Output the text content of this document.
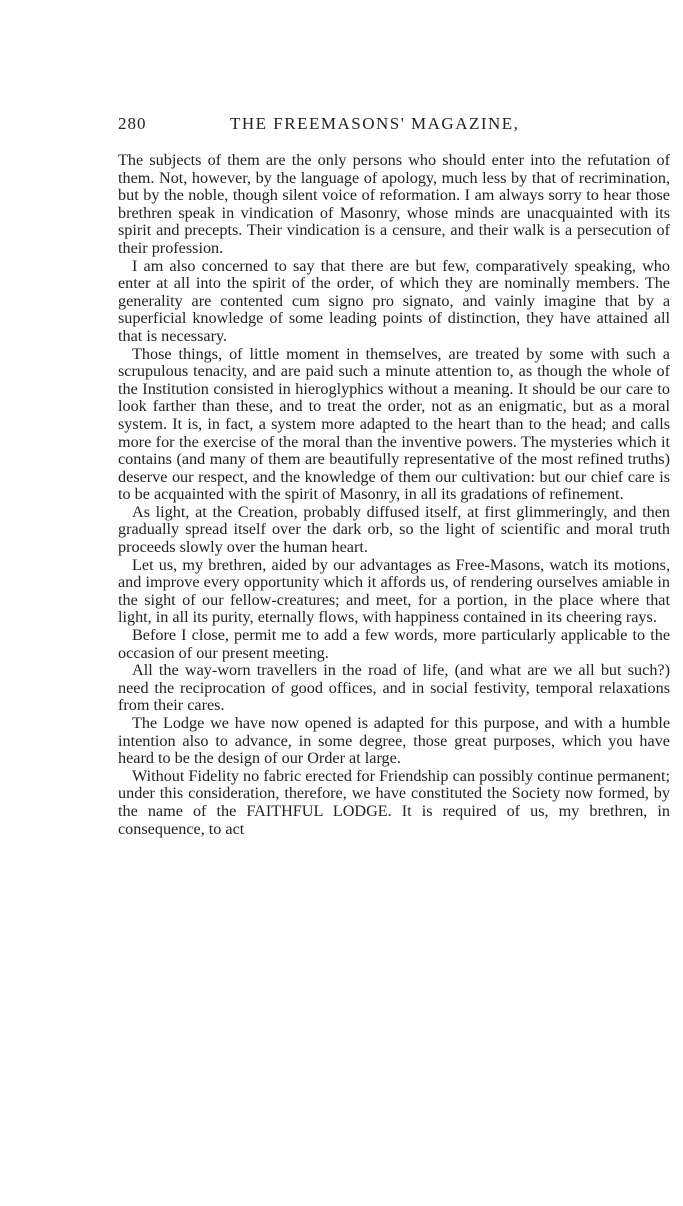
280	THE FREEMASONS' MAGAZINE,

The subjects of them are the only persons who should enter into the refutation of them. Not, however, by the language of apology, much less by that of recrimination, but by the noble, though silent voice of reformation. I am always sorry to hear those brethren speak in vindication of Masonry, whose minds are unacquainted with its spirit and precepts. Their vindication is a censure, and their walk is a persecution of their profession.

I am also concerned to say that there are but few, comparatively speaking, who enter at all into the spirit of the order, of which they are nominally members. The generality are contented cum signo pro signato, and vainly imagine that by a superficial knowledge of some leading points of distinction, they have attained all that is necessary.

Those things, of little moment in themselves, are treated by some with such a scrupulous tenacity, and are paid such a minute attention to, as though the whole of the Institution consisted in hieroglyphics without a meaning. It should be our care to look farther than these, and to treat the order, not as an enigmatic, but as a moral system. It is, in fact, a system more adapted to the heart than to the head; and calls more for the exercise of the moral than the inventive powers. The mysteries which it contains (and many of them are beautifully representative of the most refined truths) deserve our respect, and the knowledge of them our cultivation: but our chief care is to be acquainted with the spirit of Masonry, in all its gradations of refinement.

As light, at the Creation, probably diffused itself, at first glimmeringly, and then gradually spread itself over the dark orb, so the light of scientific and moral truth proceeds slowly over the human heart.

Let us, my brethren, aided by our advantages as Free-Masons, watch its motions, and improve every opportunity which it affords us, of rendering ourselves amiable in the sight of our fellow-creatures; and meet, for a portion, in the place where that light, in all its purity, eternally flows, with happiness contained in its cheering rays.

Before I close, permit me to add a few words, more particularly applicable to the occasion of our present meeting.

All the way-worn travellers in the road of life, (and what are we all but such?) need the reciprocation of good offices, and in social festivity, temporal relaxations from their cares.

The Lodge we have now opened is adapted for this purpose, and with a humble intention also to advance, in some degree, those great purposes, which you have heard to be the design of our Order at large.

Without Fidelity no fabric erected for Friendship can possibly continue permanent; under this consideration, therefore, we have constituted the Society now formed, by the name of the FAITHFUL LODGE. It is required of us, my brethren, in consequence, to act
